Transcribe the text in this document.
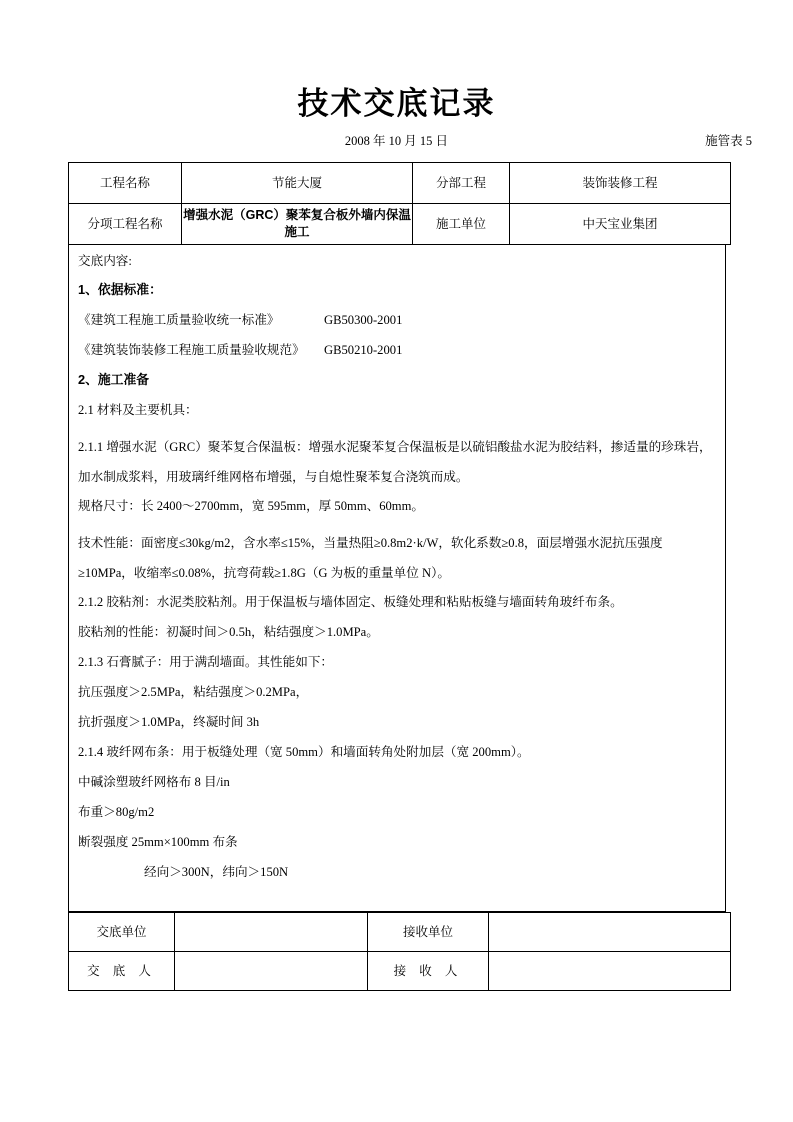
技术交底记录
2008 年 10 月 15 日	施管表 5
工程名称	节能大厦	分部工程	装饰装修工程
分项工程名称	增强水泥（GRC）聚苯复合板外墙内保温施工	施工单位	中天宝业集团
交底内容:
1、依据标准：
《建筑工程施工质量验收统一标准》	GB50300-2001
《建筑装饰装修工程施工质量验收规范》	GB50210-2001
2、施工准备
2.1 材料及主要机具：
2.1.1 增强水泥（GRC）聚苯复合保温板：增强水泥聚苯复合保温板是以硫铝酸盐水泥为胶结料，掺适量的珍珠岩，加水制成浆料，用玻璃纤维网格布增强，与自熄性聚苯复合浇筑而成。
规格尺寸：长 2400～2700mm，宽 595mm，厚 50mm、60mm。
技术性能：面密度≤30kg/m2，含水率≤15%，当量热阻≥0.8m2·k/W，软化系数≥0.8，面层增强水泥抗压强度≥10MPa，收缩率≤0.08%，抗弯荷载≥1.8G（G 为板的重量单位 N）。
2.1.2 胶粘剂：水泥类胶粘剂。用于保温板与墙体固定、板缝处理和粘贴板缝与墙面转角玻纤布条。
胶粘剂的性能：初凝时间＞0.5h，粘结强度＞1.0MPa。
2.1.3 石膏腻子：用于满刮墙面。其性能如下：
抗压强度＞2.5MPa，粘结强度＞0.2MPa，
抗折强度＞1.0MPa，终凝时间 3h
2.1.4 玻纤网布条：用于板缝处理（宽 50mm）和墙面转角处附加层（宽 200mm）。
中碱涂塑玻纤网格布 8 目/in
布重＞80g/m2
断裂强度 25mm×100mm 布条
经向＞300N，纬向＞150N
交底单位		接收单位	
交 底 人		接 收 人	
